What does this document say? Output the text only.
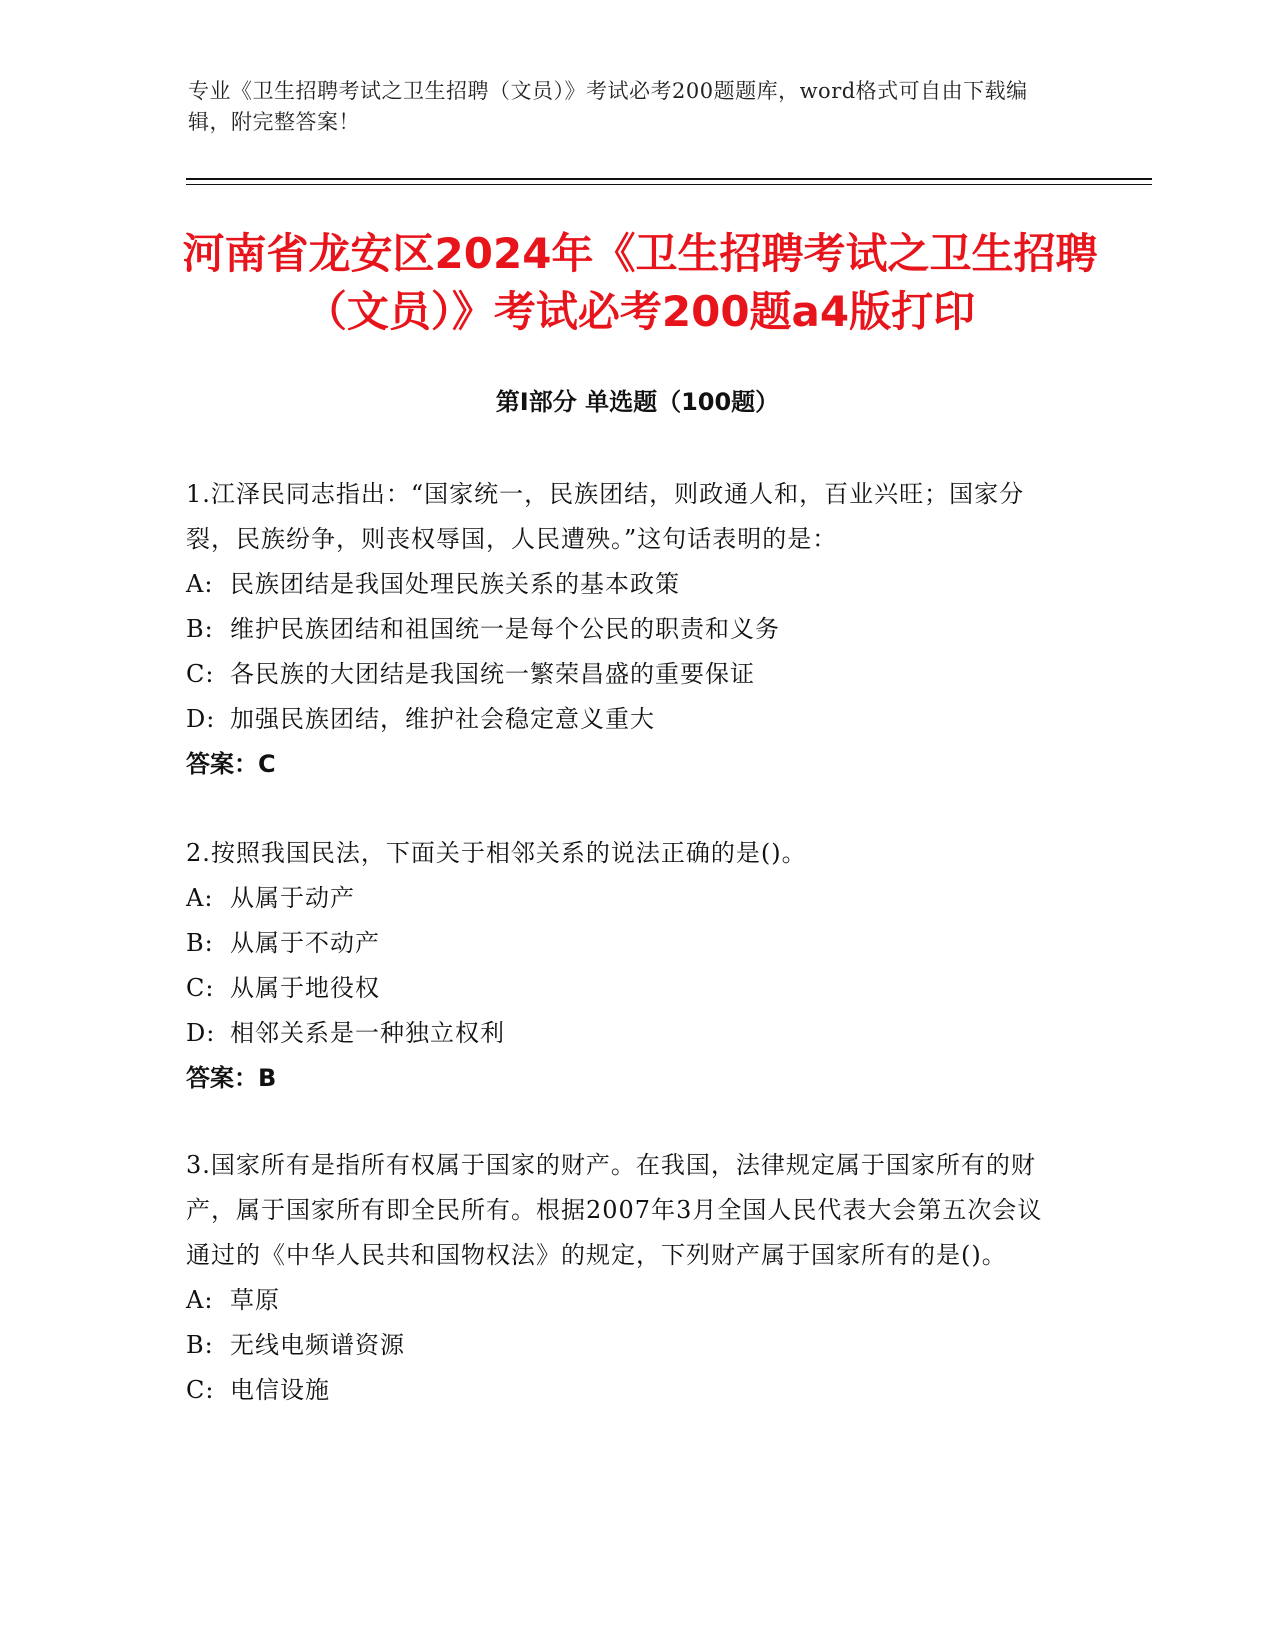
专业《卫生招聘考试之卫生招聘（文员）》考试必考200题题库，word格式可自由下载编辑，附完整答案！
河南省龙安区2024年《卫生招聘考试之卫生招聘（文员）》考试必考200题a4版打印
第Ⅰ部分 单选题（100题）

1.江泽民同志指出：“国家统一，民族团结，则政通人和，百业兴旺；国家分裂，民族纷争，则丧权辱国，人民遭殃。”这句话表明的是：

A: 民族团结是我国处理民族关系的基本政策

B: 维护民族团结和祖国统一是每个公民的职责和义务

C: 各民族的大团结是我国统一繁荣昌盛的重要保证

D: 加强民族团结，维护社会稳定意义重大

答案：C

2.按照我国民法，下面关于相邻关系的说法正确的是()。

A: 从属于动产

B: 从属于不动产

C: 从属于地役权

D: 相邻关系是一种独立权利

答案：B

3.国家所有是指所有权属于国家的财产。在我国，法律规定属于国家所有的财产，属于国家所有即全民所有。根据2007年3月全国人民代表大会第五次会议通过的《中华人民共和国物权法》的规定，下列财产属于国家所有的是()。

A: 草原

B: 无线电频谱资源

C: 电信设施
